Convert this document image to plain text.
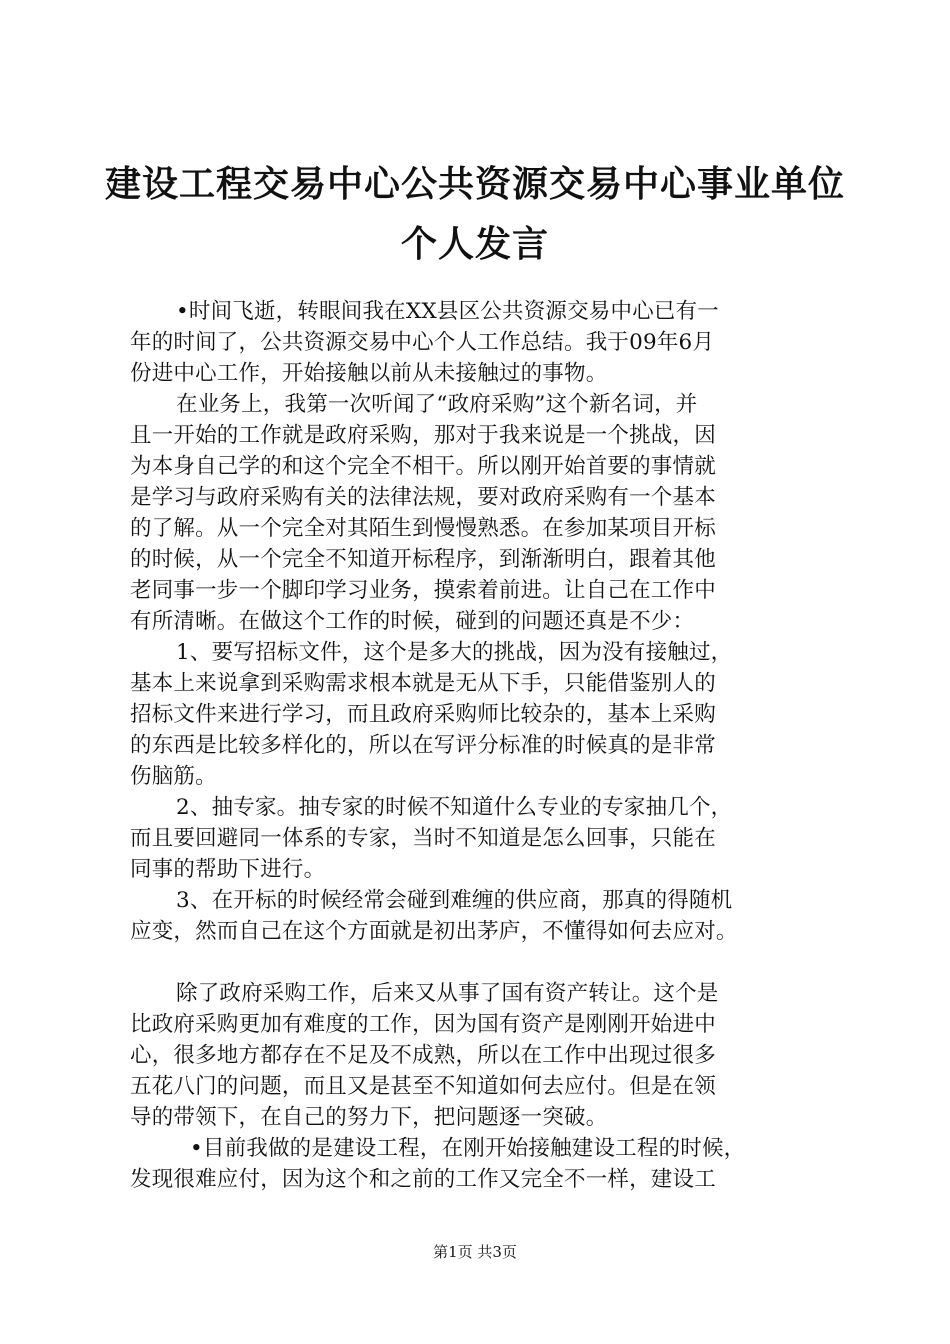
建设工程交易中心公共资源交易中心事业单位
个人发言
•时间飞逝，转眼间我在XX县区公共资源交易中心已有一
年的时间了，公共资源交易中心个人工作总结。我于09年6月
份进中心工作，开始接触以前从未接触过的事物。
在业务上，我第一次听闻了“政府采购”这个新名词，并
且一开始的工作就是政府采购，那对于我来说是一个挑战，因
为本身自己学的和这个完全不相干。所以刚开始首要的事情就
是学习与政府采购有关的法律法规，要对政府采购有一个基本
的了解。从一个完全对其陌生到慢慢熟悉。在参加某项目开标
的时候，从一个完全不知道开标程序，到渐渐明白，跟着其他
老同事一步一个脚印学习业务，摸索着前进。让自己在工作中
有所清晰。在做这个工作的时候，碰到的问题还真是不少：
1、要写招标文件，这个是多大的挑战，因为没有接触过，
基本上来说拿到采购需求根本就是无从下手，只能借鉴别人的
招标文件来进行学习，而且政府采购师比较杂的，基本上采购
的东西是比较多样化的，所以在写评分标准的时候真的是非常
伤脑筋。
2、抽专家。抽专家的时候不知道什么专业的专家抽几个，
而且要回避同一体系的专家，当时不知道是怎么回事，只能在
同事的帮助下进行。
3、在开标的时候经常会碰到难缠的供应商，那真的得随机
应变，然而自己在这个方面就是初出茅庐，不懂得如何去应对。
除了政府采购工作，后来又从事了国有资产转让。这个是
比政府采购更加有难度的工作，因为国有资产是刚刚开始进中
心，很多地方都存在不足及不成熟，所以在工作中出现过很多
五花八门的问题，而且又是甚至不知道如何去应付。但是在领
导的带领下，在自己的努力下，把问题逐一突破。
•目前我做的是建设工程，在刚开始接触建设工程的时候，
发现很难应付，因为这个和之前的工作又完全不一样，建设工
第1页 共3页
